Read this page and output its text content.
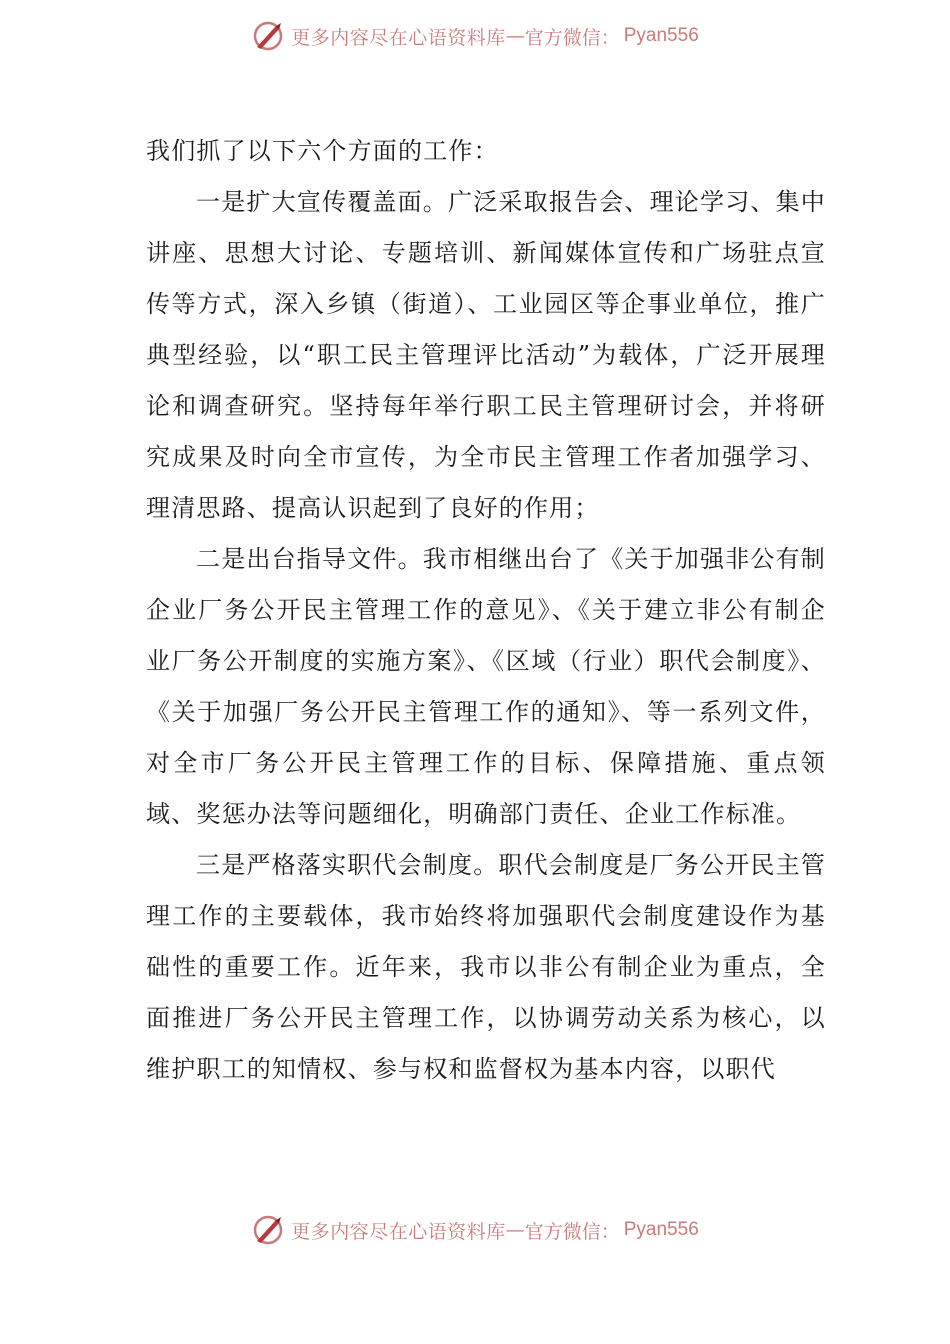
更多内容尽在心语资料库 — 官方微信： Pyan556

我们抓了以下六个方面的工作：

一是扩大宣传覆盖面。广泛采取报告会、理论学习、集中讲座、思想大讨论、专题培训、新闻媒体宣传和广场驻点宣传等方式，深入乡镇（街道）、工业园区等企事业单位，推广典型经验，以“职工民主管理评比活动”为载体，广泛开展理论和调查研究。坚持每年举行职工民主管理研讨会，并将研究成果及时向全市宣传，为全市民主管理工作者加强学习、理清思路、提高认识起到了良好的作用；

二是出台指导文件。我市相继出台了《关于加强非公有制企业厂务公开民主管理工作的意见》、《关于建立非公有制企业厂务公开制度的实施方案》、《区域（行业）职代会制度》、《关于加强厂务公开民主管理工作的通知》、等一系列文件，对全市厂务公开民主管理工作的目标、保障措施、重点领域、奖惩办法等问题细化，明确部门责任、企业工作标准。

三是严格落实职代会制度。职代会制度是厂务公开民主管理工作的主要载体，我市始终将加强职代会制度建设作为基础性的重要工作。近年来，我市以非公有制企业为重点，全面推进厂务公开民主管理工作，以协调劳动关系为核心，以维护职工的知情权、参与权和监督权为基本内容，以职代

更多内容尽在心语资料库 — 官方微信： Pyan556
